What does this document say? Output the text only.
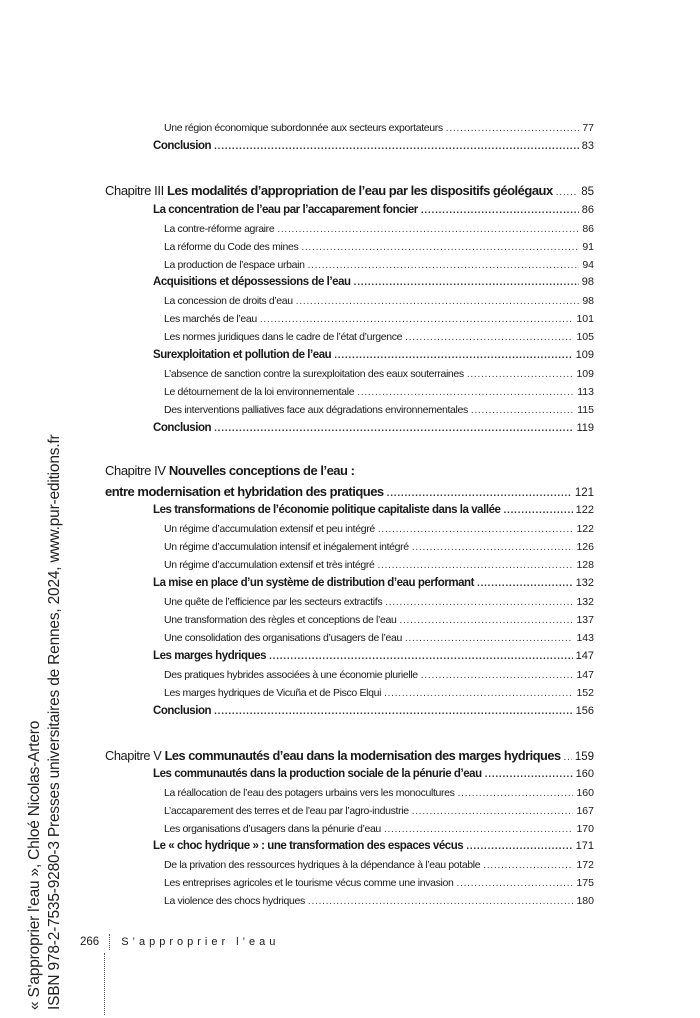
Une région économique subordonnée aux secteurs exportateurs . . .	77
Conclusion . . .	83
Chapitre III Les modalités d’appropriation de l’eau par les dispositifs géolégaux . . . 85
La concentration de l’eau par l’accaparement foncier . . .	86
La contre-réforme agraire . . .	86
La réforme du Code des mines . . .	91
La production de l’espace urbain . . .	94
Acquisitions et dépossessions de l’eau . . .	98
La concession de droits d’eau . . .	98
Les marchés de l’eau . . .	101
Les normes juridiques dans le cadre de l’état d’urgence . . .	105
Surexploitation et pollution de l’eau . . .	109
L’absence de sanction contre la surexploitation des eaux souterraines . . .	109
Le détournement de la loi environnementale . . .	113
Des interventions palliatives face aux dégradations environnementales . . .	115
Conclusion . . .	119
Chapitre IV Nouvelles conceptions de l’eau :
entre modernisation et hybridation des pratiques . . .	121
Les transformations de l’économie politique capitaliste dans la vallée . . .	122
Un régime d’accumulation extensif et peu intégré . . .	122
Un régime d’accumulation intensif et inégalement intégré . . .	126
Un régime d’accumulation extensif et très intégré . . .	128
La mise en place d’un système de distribution d’eau performant . . .	132
Une quête de l’efficience par les secteurs extractifs . . .	132
Une transformation des règles et conceptions de l’eau . . .	137
Une consolidation des organisations d’usagers de l’eau . . .	143
Les marges hydriques . . .	147
Des pratiques hybrides associées à une économie plurielle . . .	147
Les marges hydriques de Vicuña et de Pisco Elqui . . .	152
Conclusion . . .	156
Chapitre V Les communautés d’eau dans la modernisation des marges hydriques . . . 159
Les communautés dans la production sociale de la pénurie d’eau . . .	160
La réallocation de l’eau des potagers urbains vers les monocultures . . .	160
L’accaparement des terres et de l’eau par l’agro-industrie . . .	167
Les organisations d’usagers dans la pénurie d’eau . . .	170
Le « choc hydrique » : une transformation des espaces vécus . . .	171
De la privation des ressources hydriques à la dépendance à l’eau potable . . .	172
Les entreprises agricoles et le tourisme vécus comme une invasion . . .	175
La violence des chocs hydriques . . .	180
266 S’approprier l’eau
« S'approprier l'eau », Chloé Nicolas-Artero ISBN 978-2-7535-9280-3 Presses universitaires de Rennes, 2024, www.pur-editions.fr
